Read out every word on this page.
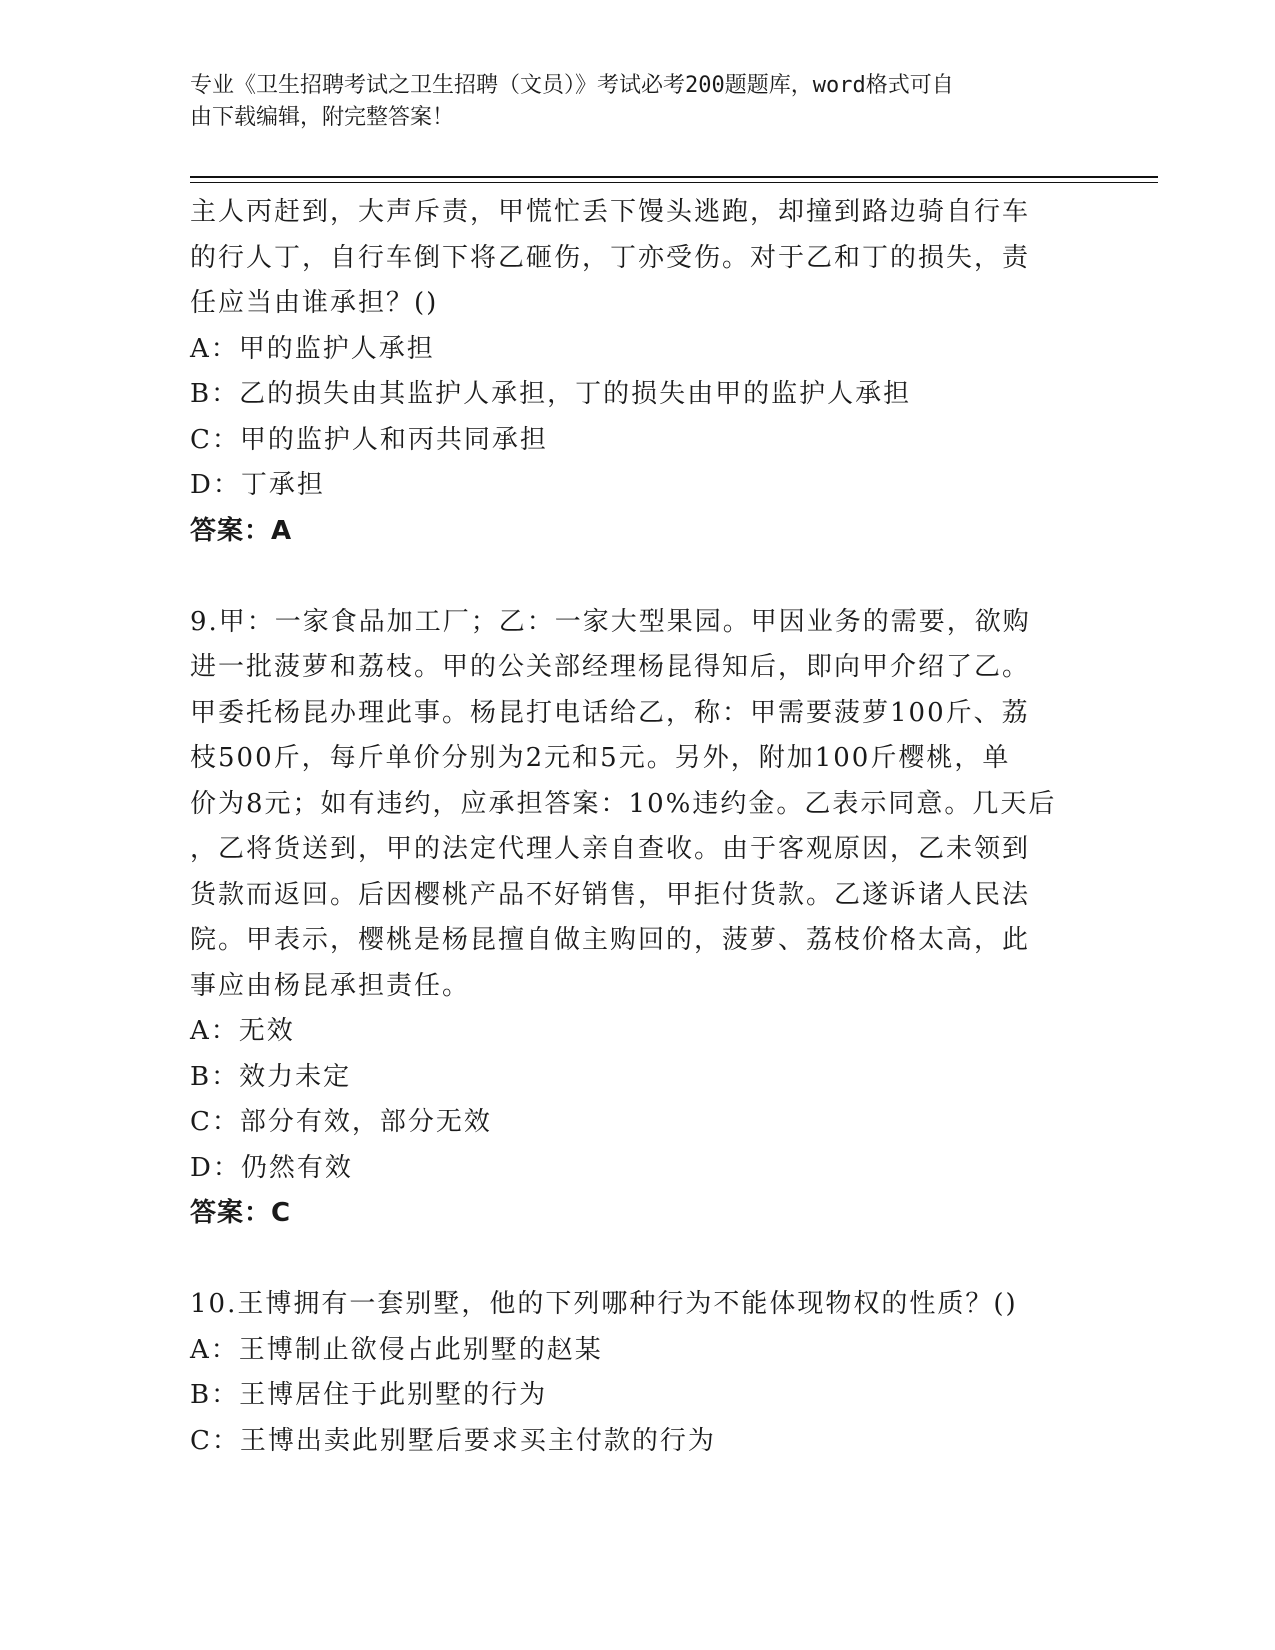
专业《卫生招聘考试之卫生招聘（文员）》考试必考200题题库，word格式可自
由下载编辑，附完整答案！
主人丙赶到，大声斥责，甲慌忙丢下馒头逃跑，却撞到路边骑自行车
的行人丁，自行车倒下将乙砸伤，丁亦受伤。对于乙和丁的损失，责
任应当由谁承担？()
A：甲的监护人承担
B：乙的损失由其监护人承担，丁的损失由甲的监护人承担
C：甲的监护人和丙共同承担
D：丁承担
答案：A
9.甲：一家食品加工厂；乙：一家大型果园。甲因业务的需要，欲购
进一批菠萝和荔枝。甲的公关部经理杨昆得知后，即向甲介绍了乙。
甲委托杨昆办理此事。杨昆打电话给乙，称：甲需要菠萝100斤、荔
枝500斤，每斤单价分别为2元和5元。另外，附加100斤樱桃，单
价为8元；如有违约，应承担答案：10%违约金。乙表示同意。几天后
，乙将货送到，甲的法定代理人亲自查收。由于客观原因，乙未领到
货款而返回。后因樱桃产品不好销售，甲拒付货款。乙遂诉诸人民法
院。甲表示，樱桃是杨昆擅自做主购回的，菠萝、荔枝价格太高，此
事应由杨昆承担责任。
A：无效
B：效力未定
C：部分有效，部分无效
D：仍然有效
答案：C
10.王博拥有一套别墅，他的下列哪种行为不能体现物权的性质？()
A：王博制止欲侵占此别墅的赵某
B：王博居住于此别墅的行为
C：王博出卖此别墅后要求买主付款的行为
